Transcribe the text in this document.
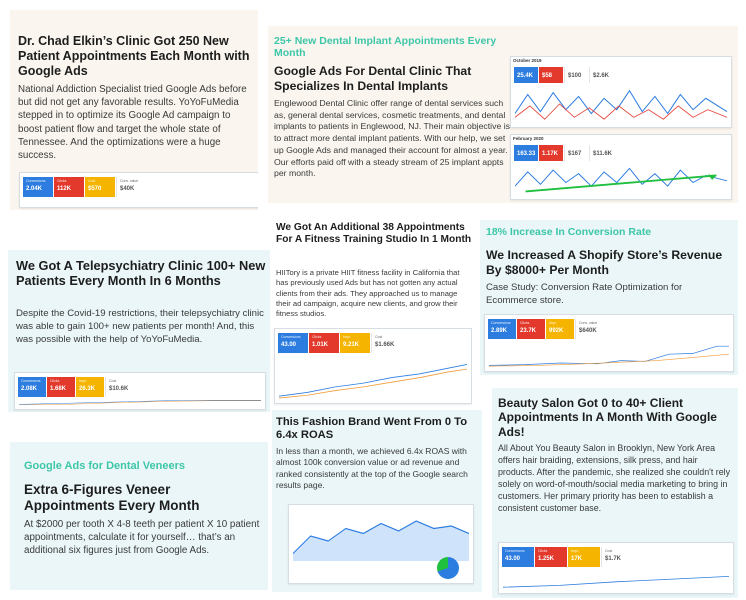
Dr. Chad Elkin’s Clinic Got 250 New Patient Appointments Each Month with Google Ads
National Addiction Specialist tried Google Ads before but did not get any favorable results. YoYoFuMedia stepped in to optimize its Google Ad campaign to boost patient flow and target the whole state of Tennessee. And the optimizations were a huge success.
Conversions
2.04K
Clicks
112K
Cost
$570
Conv. value
$40K
25+ New Dental Implant Appointments Every Month
Google Ads For Dental Clinic That Specializes In Dental Implants
Englewood Dental Clinic offer range of dental services such as, general dental services, cosmetic treatments, and dental implants to patients in Englewood, NJ. Their main objective is to attract more dental implant patients. With our help, we set up Google Ads and managed their account for almost a year. Our efforts paid off with a steady stream of 25 implant appts per month.
October 2019
25.4K $58	$100 $2.6K
February 2020
163.33 1.17K $167 $11.6K
We Got A Telepsychiatry Clinic 100+ New Patients Every Month In 6 Months
Despite the Covid-19 restrictions, their telepsychiatry clinic was able to gain 100+ new patients per month! And, this was possible with the help of YoYoFuMedia.
Conversions
2.08K
Clicks
1.68K
Impr.
26.3K
Cost
$10.6K
We Got An Additional 38 Appointments For A Fitness Training Studio In 1 Month
HIITory is a private HIIT fitness facility in California that has previously used Ads but has not gotten any actual clients from their ads. They approached us to manage their ad campaign, acquire new clients, and grow their fitness studios.
Conversions
43.00
Clicks
1.01K
Impr.
9.21K
Cost
$1.66K
18% Increase In Conversion Rate
We Increased A Shopify Store’s Revenue By $8000+ Per Month
Case Study: Conversion Rate Optimization for Ecommerce store.
Conversions
2.89K
Clicks
23.7K
Impr.
992K
Conv. value
$640K
Google Ads for Dental Veneers
Extra 6-Figures Veneer Appointments Every Month
At $2000 per tooth X 4-8 teeth per patient X 10 patient appointments, calculate it for yourself… that’s an additional six figures just from Google Ads.
This Fashion Brand Went From 0 To 6.4x ROAS
In less than a month, we achieved 6.4x ROAS with almost 100k conversion value or ad revenue and ranked consistently at the top of the Google search results page.
Beauty Salon Got 0 to 40+ Client Appointments In A Month With Google Ads!
All About You Beauty Salon in Brooklyn, New York Area offers hair braiding, extensions, silk press, and hair products. After the pandemic, she realized she couldn't rely solely on word-of-mouth/social media marketing to bring in customers. Her primary priority has been to establish a consistent customer base.
Conversions
43.00
Clicks
1.25K
Impr.
17K
Cost
$1.7K
